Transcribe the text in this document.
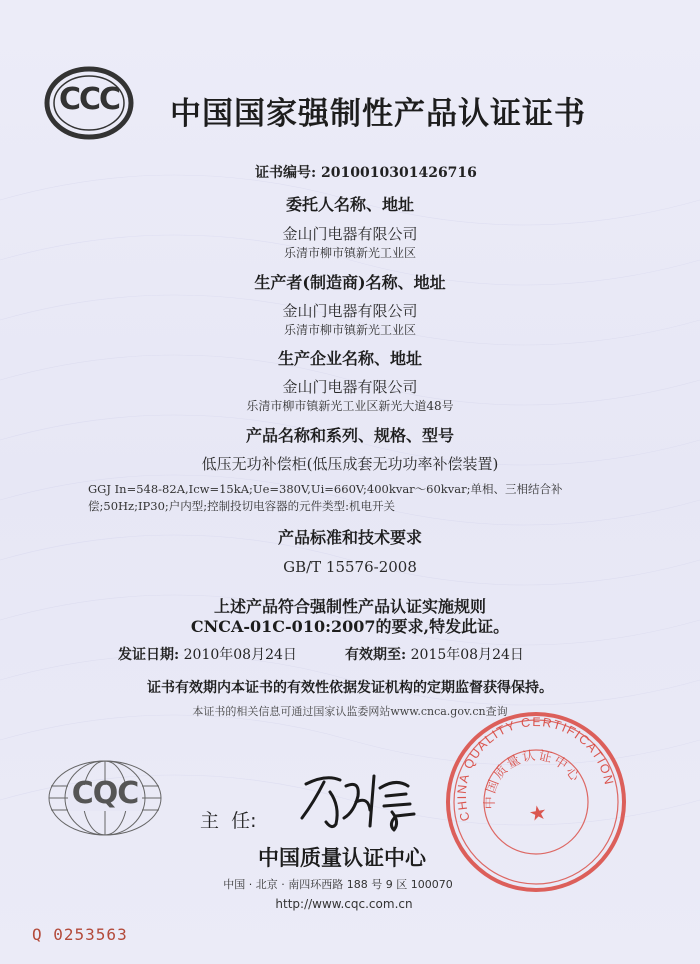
CCC 中国国家强制性产品认证证书
证书编号: 2010010301426716
委托人名称、地址
金山门电器有限公司
乐清市柳市镇新光工业区
生产者(制造商)名称、地址
金山门电器有限公司
乐清市柳市镇新光工业区
生产企业名称、地址
金山门电器有限公司
乐清市柳市镇新光工业区新光大道48号
产品名称和系列、规格、型号
低压无功补偿柜(低压成套无功功率补偿装置)
GGJ In=548-82A,Icw=15kA;Ue=380V,Ui=660V;400kvar～60kvar;单相、三相结合补
偿;50Hz;IP30;户内型;控制投切电容器的元件类型:机电开关
产品标准和技术要求
GB/T 15576-2008
上述产品符合强制性产品认证实施规则
CNCA-01C-010:2007的要求,特发此证。
发证日期: 2010年08月24日	有效期至: 2015年08月24日
证书有效期内本证书的有效性依据发证机构的定期监督获得保持。
本证书的相关信息可通过国家认监委网站www.cnca.gov.cn查询
CQC
主  任:
中国质量认证中心
中国 · 北京 · 南四环西路 188 号 9 区 100070
http://www.cqc.com.cn
CHINA QUALITY CERTIFICATION
中国质量认证中心
★
Q 0253563
